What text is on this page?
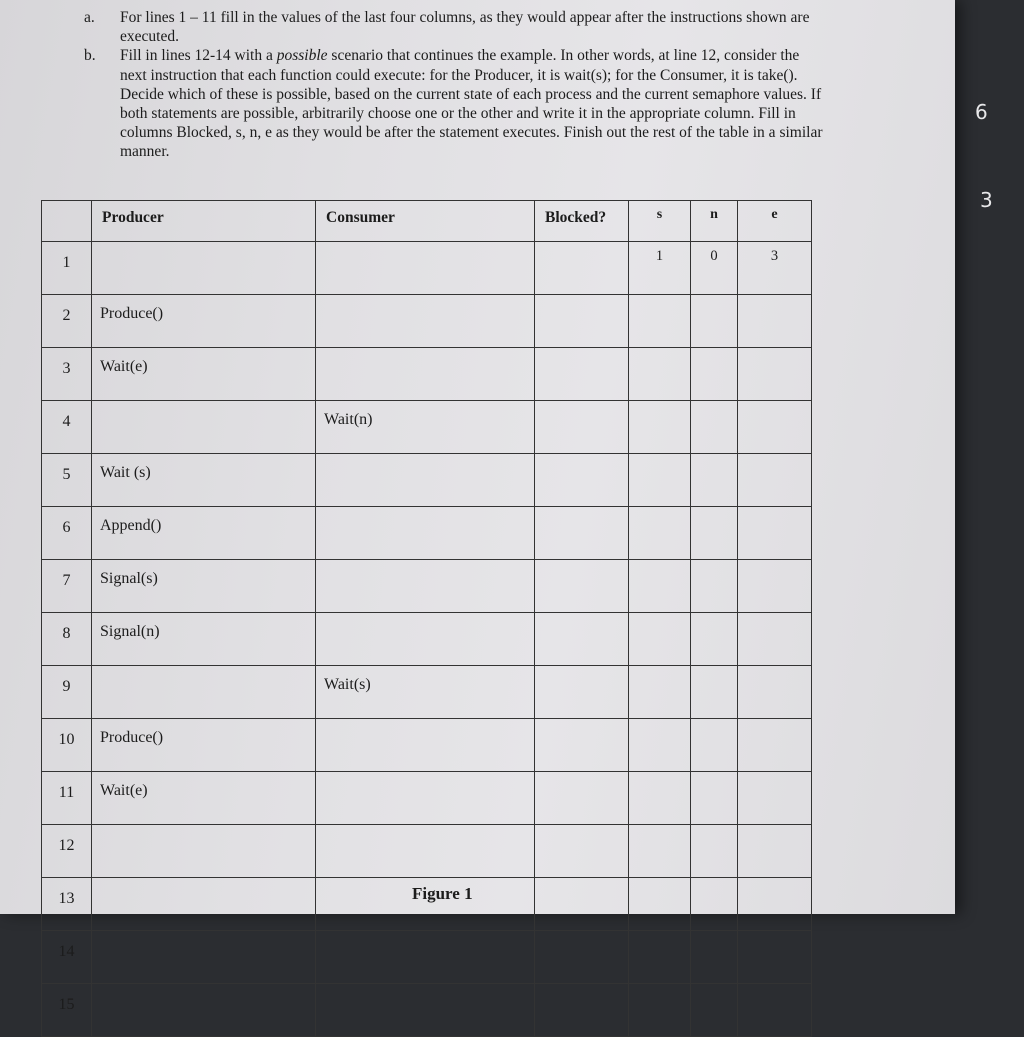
a.	For lines 1 – 11 fill in the values of the last four columns, as they would appear after the instructions shown are executed.
b.	Fill in lines 12-14 with a possible scenario that continues the example. In other words, at line 12, consider the next instruction that each function could execute: for the Producer, it is wait(s); for the Consumer, it is take(). Decide which of these is possible, based on the current state of each process and the current semaphore values. If both statements are possible, arbitrarily choose one or the other and write it in the appropriate column. Fill in columns Blocked, s, n, e as they would be after the statement executes. Finish out the rest of the table in a similar manner.

	Producer	Consumer	Blocked?	s	n	e

1				1	0	3
2	Produce()					
3	Wait(e)					
4		Wait(n)				
5	Wait (s)					
6	Append()					
7	Signal(s)					
8	Signal(n)					
9		Wait(s)				
10	Produce()					
11	Wait(e)					
12						
13						
14						
15						
Figure 1
6
3
